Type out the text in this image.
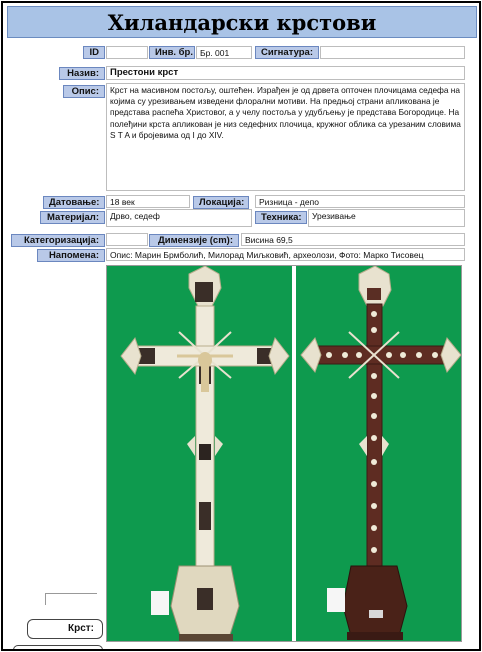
Хиландарски крстови
ID	Инв. бр. Бр. 001	Сигнатура:
Назив:	Престони крст
Опис:	Крст на масивном постољу, оштећен. Израђен је од дрвета опточен плочицама седефа на којима су урезивањем изведени флорални мотиви. На предњој страни апликована је представа распећа Христовог, а у челу постоља у удубљењу је представа Богородице. На полеђини крста апликован је низ седефних плочица, кружног облика са урезаним словима S T A и бројевима од I до XIV.
Датовање:	18 век	Локација:	Ризница - депо
Материјал:	Дрво, седеф	Техника:	Урезивање
Категоризација:	Димензије (cm):	Висина 69,5
Напомена:	Опис: Марин Брмболић, Милорад Миљковић, археолози, Фото: Марко Тисовец
Крст:
